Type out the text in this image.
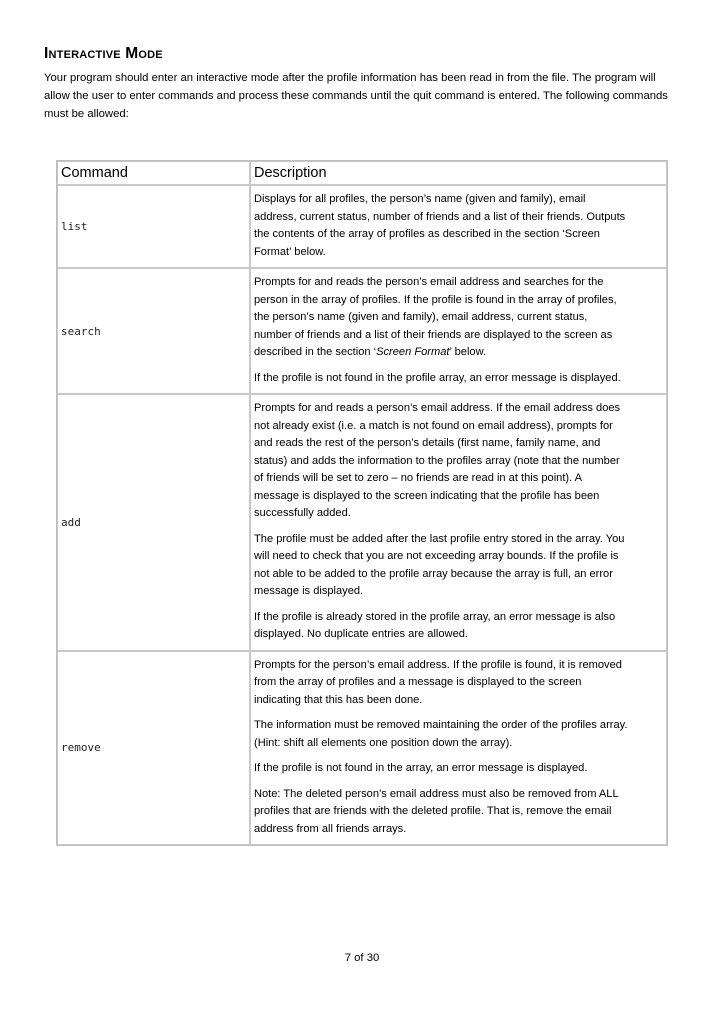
Interactive Mode
Your program should enter an interactive mode after the profile information has been read in from the file. The program will allow the user to enter commands and process these commands until the quit command is entered. The following commands must be allowed:
Command	Description
list	Displays for all profiles, the person’s name (given and family), email address, current status, number of friends and a list of their friends. Outputs the contents of the array of profiles as described in the section ‘Screen Format’ below.

search	Prompts for and reads the person’s email address and searches for the person in the array of profiles. If the profile is found in the array of profiles, the person’s name (given and family), email address, current status, number of friends and a list of their friends are displayed to the screen as described in the section ‘Screen Format’ below.

If the profile is not found in the profile array, an error message is displayed.

add	Prompts for and reads a person’s email address. If the email address does not already exist (i.e. a match is not found on email address), prompts for and reads the rest of the person’s details (first name, family name, and status) and adds the information to the profiles array (note that the number of friends will be set to zero – no friends are read in at this point). A message is displayed to the screen indicating that the profile has been successfully added.

The profile must be added after the last profile entry stored in the array. You will need to check that you are not exceeding array bounds. If the profile is not able to be added to the profile array because the array is full, an error message is displayed.

If the profile is already stored in the profile array, an error message is also displayed. No duplicate entries are allowed.

remove	Prompts for the person’s email address. If the profile is found, it is removed from the array of profiles and a message is displayed to the screen indicating that this has been done.

The information must be removed maintaining the order of the profiles array. (Hint: shift all elements one position down the array).

If the profile is not found in the array, an error message is displayed.

Note: The deleted person’s email address must also be removed from ALL profiles that are friends with the deleted profile. That is, remove the email address from all friends arrays.

7 of 30
